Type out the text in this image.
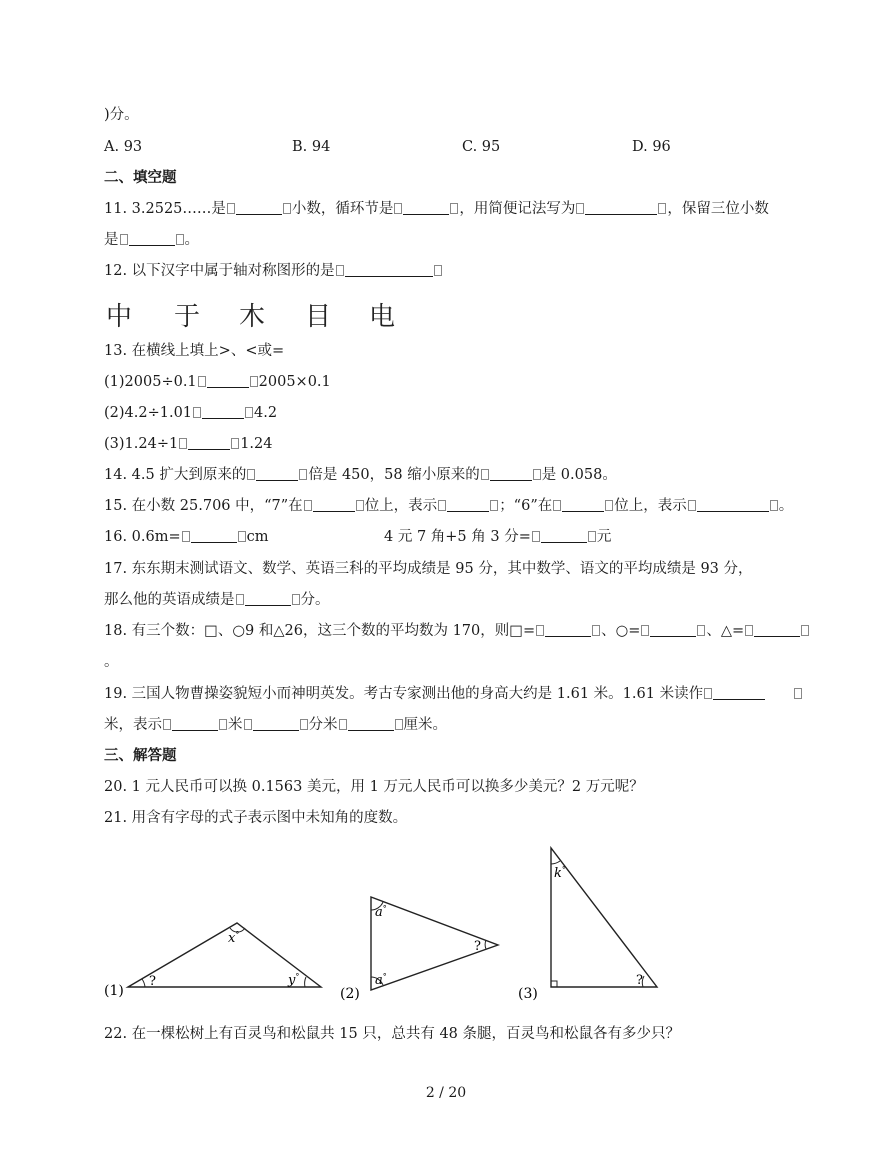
)分。
A. 93	B. 94	C. 95	D. 96
二、填空题
11. 3.2525……是	小数，循环节是	，用简便记法写为	，保留三位小数
是	。
12. 以下汉字中属于轴对称图形的是
中 于 木 目 电
13. 在横线上填上>、<或=
(1)2005÷0.1	2005×0.1
(2)4.2÷1.01	4.2
(3)1.24÷1	1.24
14. 4.5 扩大到原来的	倍是 450，58 缩小原来的	是 0.058。
15. 在小数 25.706 中，“7”在	位上，表示	；“6”在	位上，表示	。
16. 0.6m=	cm	4 元 7 角+5 角 3 分=	元
17. 东东期末测试语文、数学、英语三科的平均成绩是 95 分，其中数学、语文的平均成绩是 93 分，
那么他的英语成绩是	分。
18. 有三个数：□、○9 和△26，这三个数的平均数为 170，则□=	、○=	、△=
。
19. 三国人物曹操姿貌短小而神明英发。考古专家测出他的身高大约是 1.61 米。1.61 米读作
米，表示	米	分米	厘米。
三、解答题
20. 1 元人民币可以换 0.1563 美元，用 1 万元人民币可以换多少美元？2 万元呢？
21. 用含有字母的式子表示图中未知角的度数。
(1)
x°
y°
?
(2)
a°
a°
?
(3)
k°
?
22. 在一棵松树上有百灵鸟和松鼠共 15 只，总共有 48 条腿，百灵鸟和松鼠各有多少只？
2 / 20
